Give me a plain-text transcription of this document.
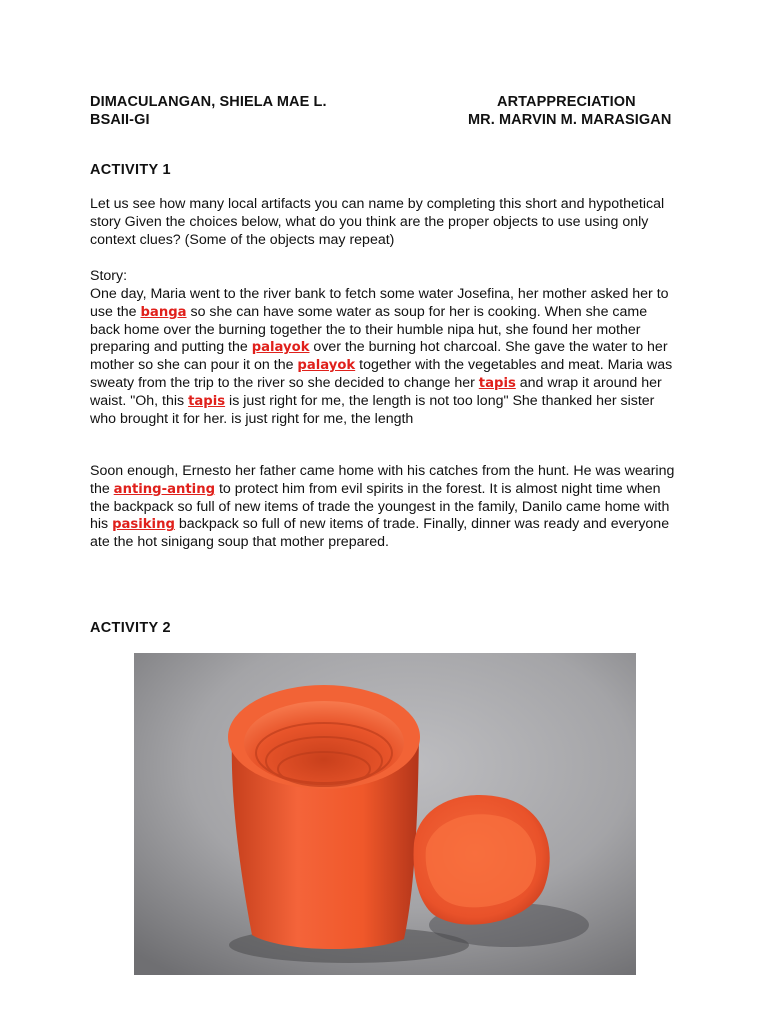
DIMACULANGAN, SHIELA MAE L.
BSAII-GI
ARTAPPRECIATION
MR. MARVIN M. MARASIGAN
ACTIVITY 1

Let us see how many local artifacts you can name by completing this short and hypothetical story Given the choices below, what do you think are the proper objects to use using only context clues? (Some of the objects may repeat)

Story:

One day, Maria went to the river bank to fetch some water Josefina, her mother asked her to use the banga so she can have some water as soup for her is cooking. When she came back home over the burning together the to their humble nipa hut, she found her mother preparing and putting the palayok over the burning hot charcoal. She gave the water to her mother so she can pour it on the palayok together with the vegetables and meat. Maria was sweaty from the trip to the river so she decided to change her tapis and wrap it around her waist. "Oh, this tapis is just right for me, the length is not too long" She thanked her sister who brought it for her. is just right for me, the length

Soon enough, Ernesto her father came home with his catches from the hunt. He was wearing the anting-anting to protect him from evil spirits in the forest. It is almost night time when the backpack so full of new items of trade the youngest in the family, Danilo came home with his pasiking backpack so full of new items of trade. Finally, dinner was ready and everyone ate the hot sinigang soup that mother prepared.

ACTIVITY 2
